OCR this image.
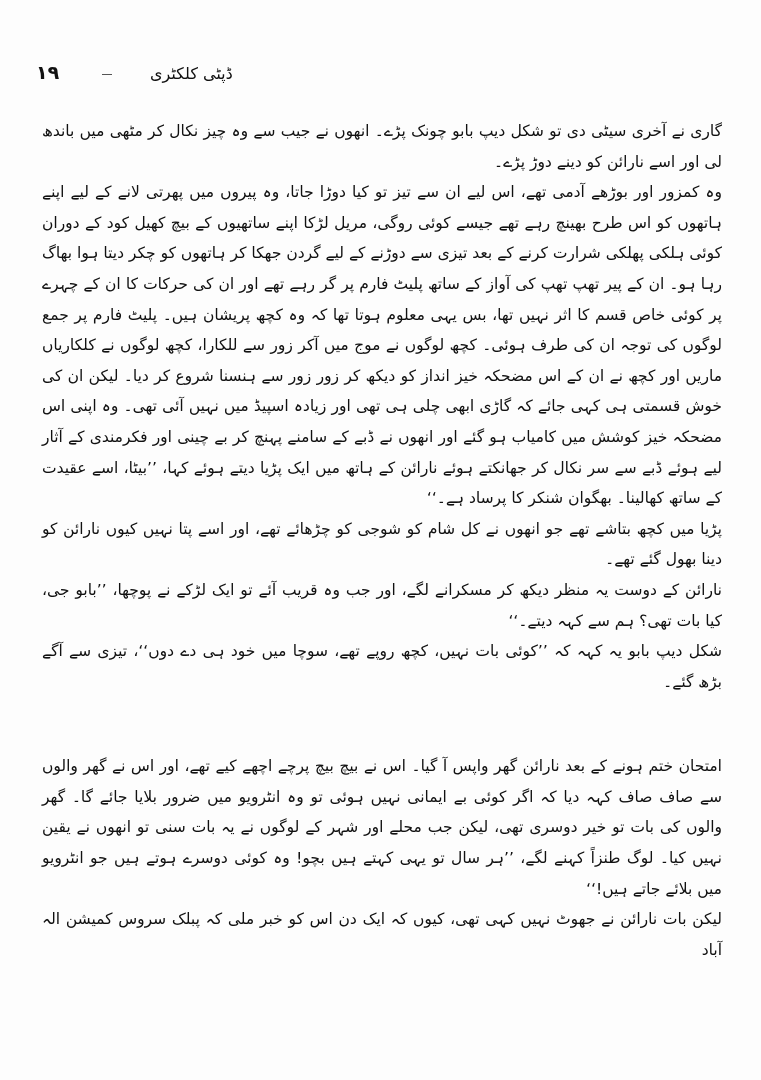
١٩	ڈپٹی کلکٹری

گاری نے آخری سیٹی دی تو شکل دیپ بابو چونک پڑے۔ انھوں نے جیب سے وہ چیز نکال کر مٹھی میں باندھ لی اور اسے نارائن کو دینے دوڑ پڑے۔

وہ کمزور اور بوڑھے آدمی تھے، اس لیے ان سے تیز تو کیا دوڑا جاتا، وہ پیروں میں پھرتی لانے کے لیے اپنے ہاتھوں کو اس طرح بھینچ رہے تھے جیسے کوئی روگی، مریل لڑکا اپنے ساتھیوں کے بیچ کھیل کود کے دوران کوئی ہلکی پھلکی شرارت کرنے کے بعد تیزی سے دوڑنے کے لیے گردن جھکا کر ہاتھوں کو چکر دیتا ہوا بھاگ رہا ہو۔ ان کے پیر تھپ تھپ کی آواز کے ساتھ پلیٹ فارم پر گر رہے تھے اور ان کی حرکات کا ان کے چہرے پر کوئی خاص قسم کا اثر نہیں تھا، بس یہی معلوم ہوتا تھا کہ وہ کچھ پریشان ہیں۔ پلیٹ فارم پر جمع لوگوں کی توجہ ان کی طرف ہوئی۔ کچھ لوگوں نے موج میں آکر زور سے للکارا، کچھ لوگوں نے کلکاریاں ماریں اور کچھ نے ان کے اس مضحکہ خیز انداز کو دیکھ کر زور زور سے ہنسنا شروع کر دیا۔ لیکن ان کی خوش قسمتی ہی کہی جائے کہ گاڑی ابھی چلی ہی تھی اور زیادہ اسپیڈ میں نہیں آئی تھی۔ وہ اپنی اس مضحکہ خیز کوشش میں کامیاب ہو گئے اور انھوں نے ڈبے کے سامنے پہنچ کر بے چینی اور فکرمندی کے آثار لیے ہوئے ڈبے سے سر نکال کر جھانکتے ہوئے نارائن کے ہاتھ میں ایک پڑیا دیتے ہوئے کہا، ’’بیٹا، اسے عقیدت کے ساتھ کھالینا۔ بھگوان شنکر کا پرساد ہے۔‘‘

پڑیا میں کچھ بتاشے تھے جو انھوں نے کل شام کو شوجی کو چڑھائے تھے، اور اسے پتا نہیں کیوں نارائن کو دینا بھول گئے تھے۔

نارائن کے دوست یہ منظر دیکھ کر مسکرانے لگے، اور جب وہ قریب آئے تو ایک لڑکے نے پوچھا، ’’بابو جی، کیا بات تھی؟ ہم سے کہہ دیتے۔‘‘

شکل دیپ بابو یہ کہہ کہ ’’کوئی بات نہیں، کچھ روپے تھے، سوچا میں خود ہی دے دوں‘‘، تیزی سے آگے بڑھ گئے۔

امتحان ختم ہونے کے بعد نارائن گھر واپس آ گیا۔ اس نے بیچ بیچ پرچے اچھے کیے تھے، اور اس نے گھر والوں سے صاف صاف کہہ دیا کہ اگر کوئی بے ایمانی نہیں ہوئی تو وہ انٹرویو میں ضرور بلایا جائے گا۔ گھر والوں کی بات تو خیر دوسری تھی، لیکن جب محلے اور شہر کے لوگوں نے یہ بات سنی تو انھوں نے یقین نہیں کیا۔ لوگ طنزاً کہنے لگے، ’’ہر سال تو یہی کہتے ہیں بچو! وہ کوئی دوسرے ہوتے ہیں جو انٹرویو میں بلائے جاتے ہیں!‘‘

لیکن بات نارائن نے جھوٹ نہیں کہی تھی، کیوں کہ ایک دن اس کو خبر ملی کہ پبلک سروس کمیشن الہ آباد
